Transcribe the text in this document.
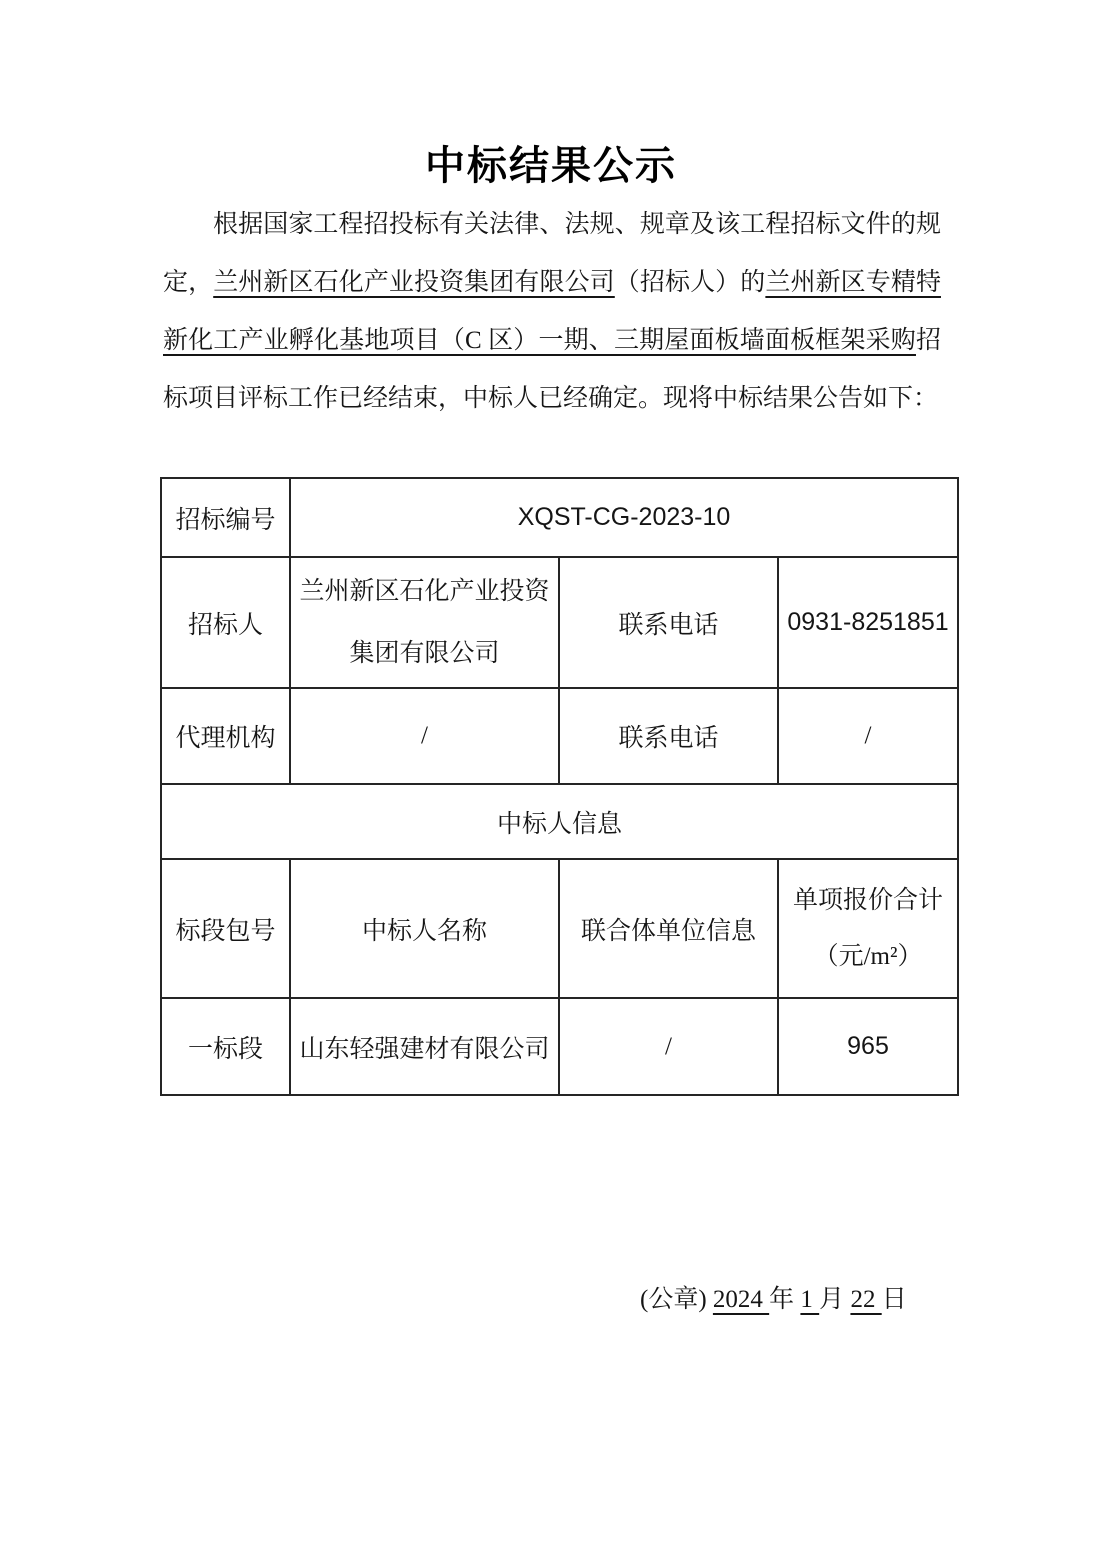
中标结果公示
根据国家工程招投标有关法律、法规、规章及该工程招标文件的规定，兰州新区石化产业投资集团有限公司（招标人）的兰州新区专精特新化工产业孵化基地项目（C 区）一期、三期屋面板墙面板框架采购招标项目评标工作已经结束，中标人已经确定。现将中标结果公告如下：
招标编号	XQST-CG-2023-10		
招标人	兰州新区石化产业投资集团有限公司	联系电话	0931-8251851
代理机构	/	联系电话	/
中标人信息			
标段包号	中标人名称	联合体单位信息	单项报价合计
（元/m²）

一标段	山东轻强建材有限公司	/	965

(公章) 2024 年 1 月 22 日
